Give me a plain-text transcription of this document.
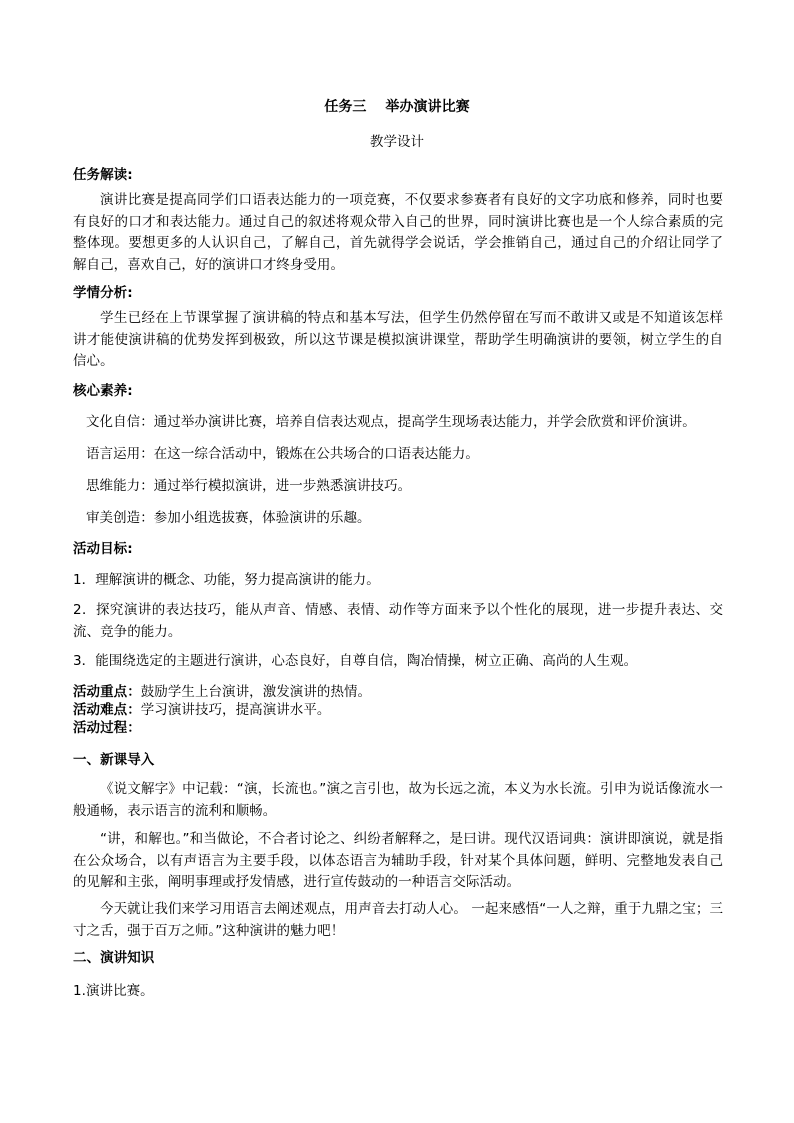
任务三　 举办演讲比赛
教学设计
任务解读:
演讲比赛是提高同学们口语表达能力的一项竞赛，不仅要求参赛者有良好的文字功底和修养，同时也要有良好的口才和表达能力。通过自己的叙述将观众带入自己的世界，同时演讲比赛也是一个人综合素质的完整体现。要想更多的人认识自己，了解自己，首先就得学会说话，学会推销自己，通过自己的介绍让同学了解自己，喜欢自己，好的演讲口才终身受用。
学情分析:
学生已经在上节课掌握了演讲稿的特点和基本写法，但学生仍然停留在写而不敢讲又或是不知道该怎样讲才能使演讲稿的优势发挥到极致，所以这节课是模拟演讲课堂，帮助学生明确演讲的要领，树立学生的自信心。
核心素养:
文化自信：通过举办演讲比赛，培养自信表达观点，提高学生现场表达能力，并学会欣赏和评价演讲。
语言运用：在这一综合活动中，锻炼在公共场合的口语表达能力。
思维能力：通过举行模拟演讲，进一步熟悉演讲技巧。
审美创造：参加小组选拔赛，体验演讲的乐趣。
活动目标:
1．理解演讲的概念、功能，努力提高演讲的能力。
2．探究演讲的表达技巧，能从声音、情感、表情、动作等方面来予以个性化的展现，进一步提升表达、交流、竞争的能力。
3．能围绕选定的主题进行演讲，心态良好，自尊自信，陶冶情操，树立正确、高尚的人生观。
活动重点：鼓励学生上台演讲，激发演讲的热情。
活动难点：学习演讲技巧，提高演讲水平。
活动过程：
一、新课导入
《说文解字》中记载：“演，长流也。”演之言引也，故为长远之流，本义为水长流。引申为说话像流水一般通畅，表示语言的流利和顺畅。
“讲，和解也。”和当做论，不合者讨论之、纠纷者解释之，是曰讲。现代汉语词典：演讲即演说，就是指在公众场合，以有声语言为主要手段，以体态语言为辅助手段，针对某个具体问题，鲜明、完整地发表自己的见解和主张，阐明事理或抒发情感，进行宣传鼓动的一种语言交际活动。
今天就让我们来学习用语言去阐述观点，用声音去打动人心。 一起来感悟“一人之辩，重于九鼎之宝；三寸之舌，强于百万之师。”这种演讲的魅力吧！
二、演讲知识
1.演讲比赛。
